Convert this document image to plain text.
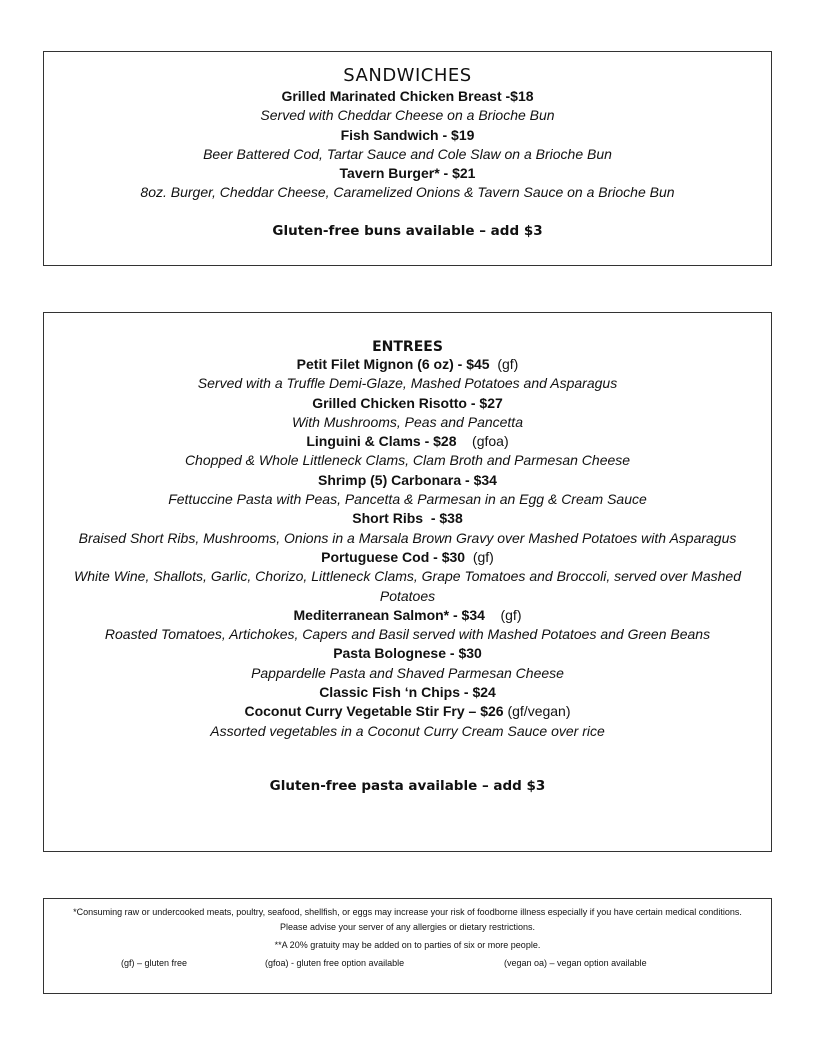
SANDWICHES
Grilled Marinated Chicken Breast -$18
Served with Cheddar Cheese on a Brioche Bun
Fish Sandwich - $19
Beer Battered Cod, Tartar Sauce and Cole Slaw on a Brioche Bun
Tavern Burger* - $21
8oz. Burger, Cheddar Cheese, Caramelized Onions & Tavern Sauce on a Brioche Bun
Gluten-free buns available – add $3
ENTREES
Petit Filet Mignon (6 oz) - $45  (gf)
Served with a Truffle Demi-Glaze, Mashed Potatoes and Asparagus
Grilled Chicken Risotto - $27
With Mushrooms, Peas and Pancetta
Linguini & Clams - $28    (gfoa)
Chopped & Whole Littleneck Clams, Clam Broth and Parmesan Cheese
Shrimp (5) Carbonara - $34
Fettuccine Pasta with Peas, Pancetta & Parmesan in an Egg & Cream Sauce
Short Ribs  - $38
Braised Short Ribs, Mushrooms, Onions in a Marsala Brown Gravy over Mashed Potatoes with Asparagus
Portuguese Cod - $30  (gf)
White Wine, Shallots, Garlic, Chorizo, Littleneck Clams, Grape Tomatoes and Broccoli, served over Mashed Potatoes
Mediterranean Salmon* - $34    (gf)
Roasted Tomatoes, Artichokes, Capers and Basil served with Mashed Potatoes and Green Beans
Pasta Bolognese - $30
Pappardelle Pasta and Shaved Parmesan Cheese
Classic Fish ‘n Chips - $24
Coconut Curry Vegetable Stir Fry – $26 (gf/vegan)
Assorted vegetables in a Coconut Curry Cream Sauce over rice
Gluten-free pasta available – add $3
*Consuming raw or undercooked meats, poultry, seafood, shellfish, or eggs may increase your risk of foodborne illness especially if you have certain medical conditions. Please advise your server of any allergies or dietary restrictions.
**A 20% gratuity may be added on to parties of six or more people.
(gf) – gluten free	(gfoa) - gluten free option available	(vegan oa) – vegan option available
